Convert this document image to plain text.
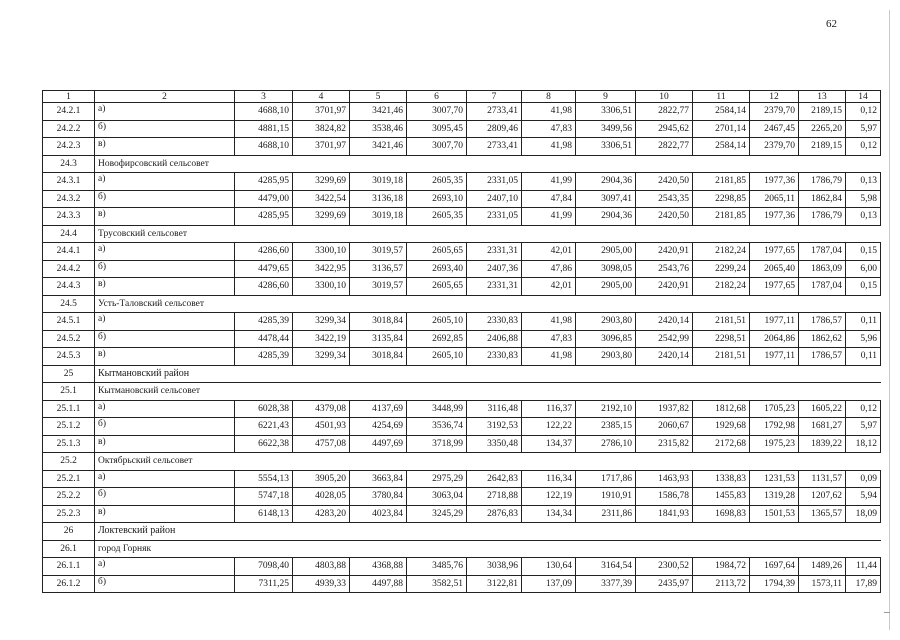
62
1	2	3	4	5	6	7	8	9	10	11	12	13	14
24.2.1	а)	4688,10	3701,97	3421,46	3007,70	2733,41	41,98	3306,51	2822,77	2584,14	2379,70	2189,15	0,12
24.2.2	б)	4881,15	3824,82	3538,46	3095,45	2809,46	47,83	3499,56	2945,62	2701,14	2467,45	2265,20	5,97
24.2.3	в)	4688,10	3701,97	3421,46	3007,70	2733,41	41,98	3306,51	2822,77	2584,14	2379,70	2189,15	0,12
24.3	Новофирсовский сельсовет												
24.3.1	а)	4285,95	3299,69	3019,18	2605,35	2331,05	41,99	2904,36	2420,50	2181,85	1977,36	1786,79	0,13
24.3.2	б)	4479,00	3422,54	3136,18	2693,10	2407,10	47,84	3097,41	2543,35	2298,85	2065,11	1862,84	5,98
24.3.3	в)	4285,95	3299,69	3019,18	2605,35	2331,05	41,99	2904,36	2420,50	2181,85	1977,36	1786,79	0,13
24.4	Трусовский сельсовет												
24.4.1	а)	4286,60	3300,10	3019,57	2605,65	2331,31	42,01	2905,00	2420,91	2182,24	1977,65	1787,04	0,15
24.4.2	б)	4479,65	3422,95	3136,57	2693,40	2407,36	47,86	3098,05	2543,76	2299,24	2065,40	1863,09	6,00
24.4.3	в)	4286,60	3300,10	3019,57	2605,65	2331,31	42,01	2905,00	2420,91	2182,24	1977,65	1787,04	0,15
24.5	Усть-Таловский сельсовет												
24.5.1	а)	4285,39	3299,34	3018,84	2605,10	2330,83	41,98	2903,80	2420,14	2181,51	1977,11	1786,57	0,11
24.5.2	б)	4478,44	3422,19	3135,84	2692,85	2406,88	47,83	3096,85	2542,99	2298,51	2064,86	1862,62	5,96
24.5.3	в)	4285,39	3299,34	3018,84	2605,10	2330,83	41,98	2903,80	2420,14	2181,51	1977,11	1786,57	0,11
25	Кытмановский район												
25.1	Кытмановский сельсовет												
25.1.1	а)	6028,38	4379,08	4137,69	3448,99	3116,48	116,37	2192,10	1937,82	1812,68	1705,23	1605,22	0,12
25.1.2	б)	6221,43	4501,93	4254,69	3536,74	3192,53	122,22	2385,15	2060,67	1929,68	1792,98	1681,27	5,97
25.1.3	в)	6622,38	4757,08	4497,69	3718,99	3350,48	134,37	2786,10	2315,82	2172,68	1975,23	1839,22	18,12
25.2	Октябрьский сельсовет												
25.2.1	а)	5554,13	3905,20	3663,84	2975,29	2642,83	116,34	1717,86	1463,93	1338,83	1231,53	1131,57	0,09
25.2.2	б)	5747,18	4028,05	3780,84	3063,04	2718,88	122,19	1910,91	1586,78	1455,83	1319,28	1207,62	5,94
25.2.3	в)	6148,13	4283,20	4023,84	3245,29	2876,83	134,34	2311,86	1841,93	1698,83	1501,53	1365,57	18,09
26	Локтевский район												
26.1	город Горняк												
26.1.1	а)	7098,40	4803,88	4368,88	3485,76	3038,96	130,64	3164,54	2300,52	1984,72	1697,64	1489,26	11,44
26.1.2	б)	7311,25	4939,33	4497,88	3582,51	3122,81	137,09	3377,39	2435,97	2113,72	1794,39	1573,11	17,89
